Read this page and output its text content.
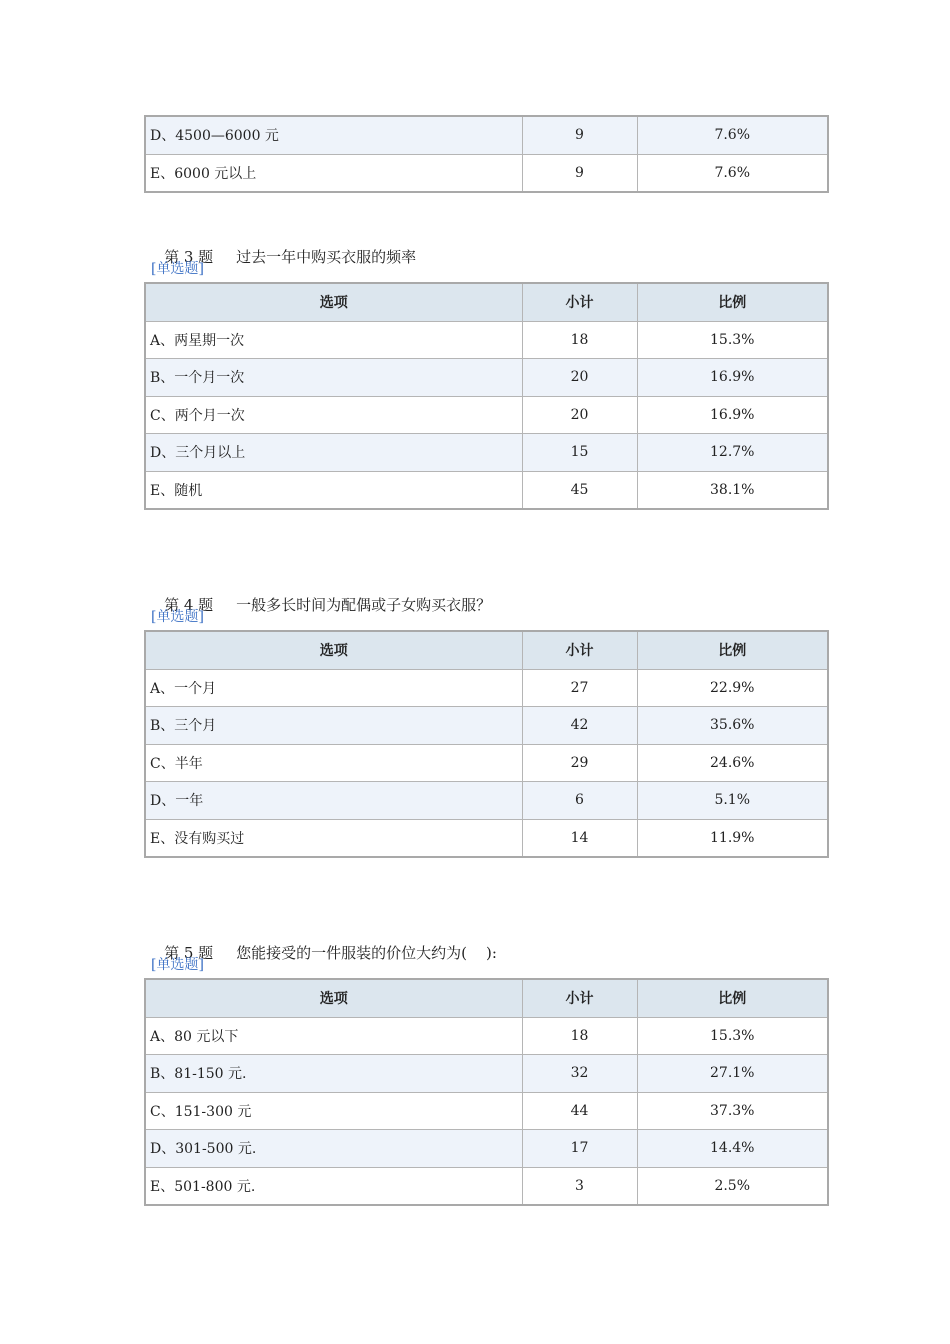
D、4500—6000 元	9	7.6%
E、6000 元以上	9	7.6%

第 3 题 过去一年中购买衣服的频率

[单选题]
选项	小计	比例
A、两星期一次	18	15.3%
B、一个月一次	20	16.9%
C、两个月一次	20	16.9%
D、三个月以上	15	12.7%
E、随机	45	38.1%

第 4 题 一般多长时间为配偶或子女购买衣服？

[单选题]
选项	小计	比例
A、一个月	27	22.9%
B、三个月	42	35.6%
C、半年	29	24.6%
D、一年	6	5.1%
E、没有购买过	14	11.9%

第 5 题 您能接受的一件服装的价位大约为(    ):

[单选题]
选项	小计	比例
A、80 元以下	18	15.3%
B、81-150 元.	32	27.1%
C、151-300 元	44	37.3%
D、301-500 元.	17	14.4%
E、501-800 元.	3	2.5%
